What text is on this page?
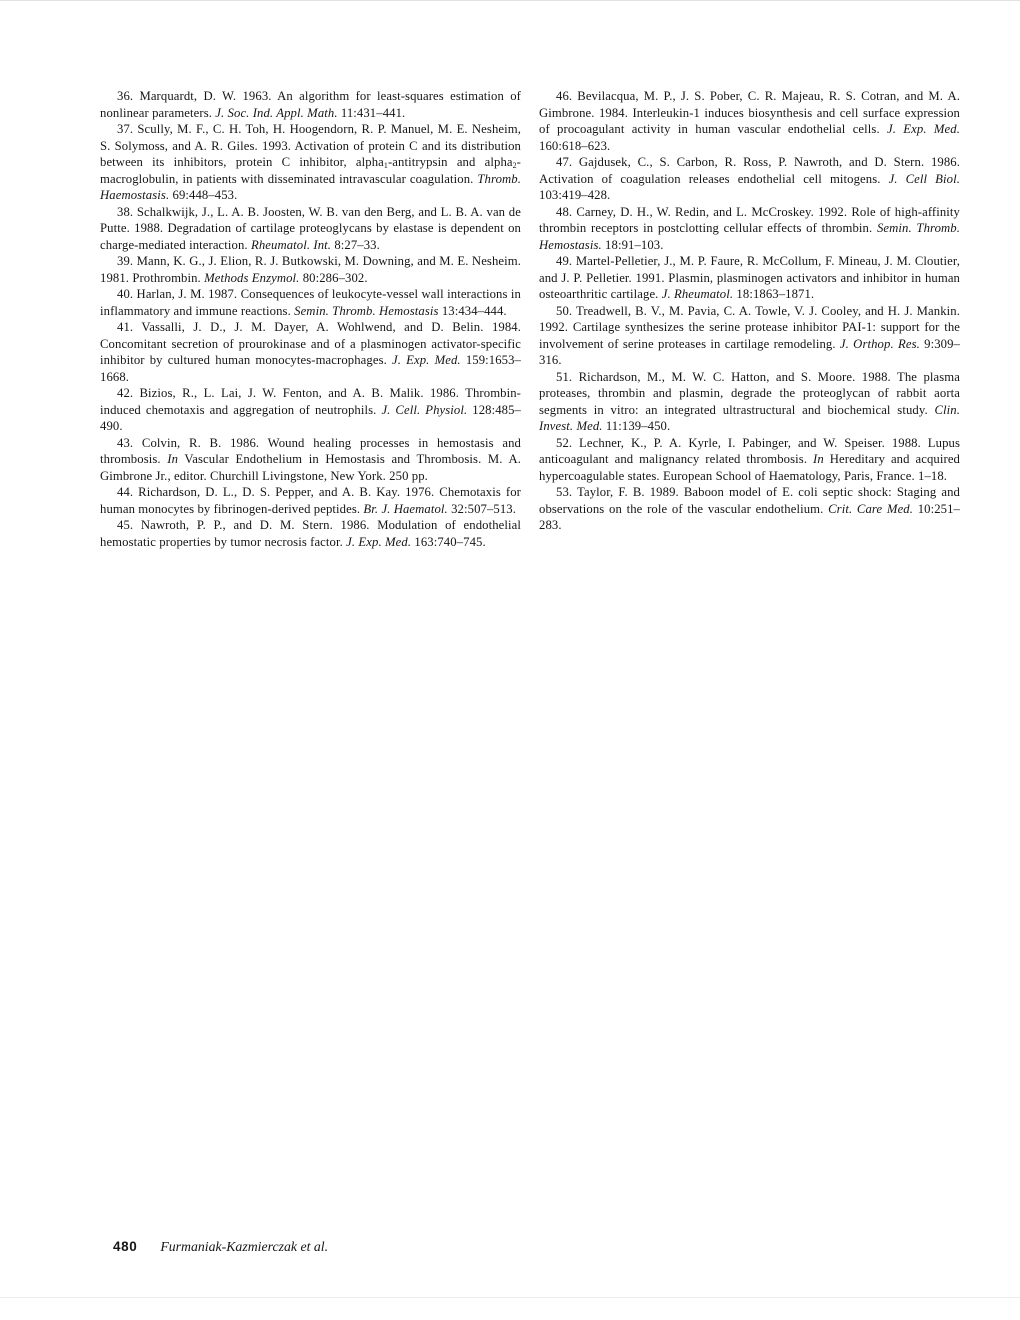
36. Marquardt, D. W. 1963. An algorithm for least-squares estimation of nonlinear parameters. J. Soc. Ind. Appl. Math. 11:431–441.

37. Scully, M. F., C. H. Toh, H. Hoogendorn, R. P. Manuel, M. E. Nesheim, S. Solymoss, and A. R. Giles. 1993. Activation of protein C and its distribution between its inhibitors, protein C inhibitor, alpha$_1$-antitrypsin and alpha$_2$-macroglobulin, in patients with disseminated intravascular coagulation. Thromb. Haemostasis. 69:448–453.

38. Schalkwijk, J., L. A. B. Joosten, W. B. van den Berg, and L. B. A. van de Putte. 1988. Degradation of cartilage proteoglycans by elastase is dependent on charge-mediated interaction. Rheumatol. Int. 8:27–33.

39. Mann, K. G., J. Elion, R. J. Butkowski, M. Downing, and M. E. Nesheim. 1981. Prothrombin. Methods Enzymol. 80:286–302.

40. Harlan, J. M. 1987. Consequences of leukocyte-vessel wall interactions in inflammatory and immune reactions. Semin. Thromb. Hemostasis 13:434–444.

41. Vassalli, J. D., J. M. Dayer, A. Wohlwend, and D. Belin. 1984. Concomitant secretion of prourokinase and of a plasminogen activator-specific inhibitor by cultured human monocytes-macrophages. J. Exp. Med. 159:1653–1668.

42. Bizios, R., L. Lai, J. W. Fenton, and A. B. Malik. 1986. Thrombin-induced chemotaxis and aggregation of neutrophils. J. Cell. Physiol. 128:485–490.

43. Colvin, R. B. 1986. Wound healing processes in hemostasis and thrombosis. In Vascular Endothelium in Hemostasis and Thrombosis. M. A. Gimbrone Jr., editor. Churchill Livingstone, New York. 250 pp.

44. Richardson, D. L., D. S. Pepper, and A. B. Kay. 1976. Chemotaxis for human monocytes by fibrinogen-derived peptides. Br. J. Haematol. 32:507–513.

45. Nawroth, P. P., and D. M. Stern. 1986. Modulation of endothelial hemostatic properties by tumor necrosis factor. J. Exp. Med. 163:740–745.

46. Bevilacqua, M. P., J. S. Pober, C. R. Majeau, R. S. Cotran, and M. A. Gimbrone. 1984. Interleukin-1 induces biosynthesis and cell surface expression of procoagulant activity in human vascular endothelial cells. J. Exp. Med. 160:618–623.

47. Gajdusek, C., S. Carbon, R. Ross, P. Nawroth, and D. Stern. 1986. Activation of coagulation releases endothelial cell mitogens. J. Cell Biol. 103:419–428.

48. Carney, D. H., W. Redin, and L. McCroskey. 1992. Role of high-affinity thrombin receptors in postclotting cellular effects of thrombin. Semin. Thromb. Hemostasis. 18:91–103.

49. Martel-Pelletier, J., M. P. Faure, R. McCollum, F. Mineau, J. M. Cloutier, and J. P. Pelletier. 1991. Plasmin, plasminogen activators and inhibitor in human osteoarthritic cartilage. J. Rheumatol. 18:1863–1871.

50. Treadwell, B. V., M. Pavia, C. A. Towle, V. J. Cooley, and H. J. Mankin. 1992. Cartilage synthesizes the serine protease inhibitor PAI-1: support for the involvement of serine proteases in cartilage remodeling. J. Orthop. Res. 9:309–316.

51. Richardson, M., M. W. C. Hatton, and S. Moore. 1988. The plasma proteases, thrombin and plasmin, degrade the proteoglycan of rabbit aorta segments in vitro: an integrated ultrastructural and biochemical study. Clin. Invest. Med. 11:139–450.

52. Lechner, K., P. A. Kyrle, I. Pabinger, and W. Speiser. 1988. Lupus anticoagulant and malignancy related thrombosis. In Hereditary and acquired hypercoagulable states. European School of Haematology, Paris, France. 1–18.

53. Taylor, F. B. 1989. Baboon model of E. coli septic shock: Staging and observations on the role of the vascular endothelium. Crit. Care Med. 10:251–283.

480 Furmaniak-Kazmierczak et al.
